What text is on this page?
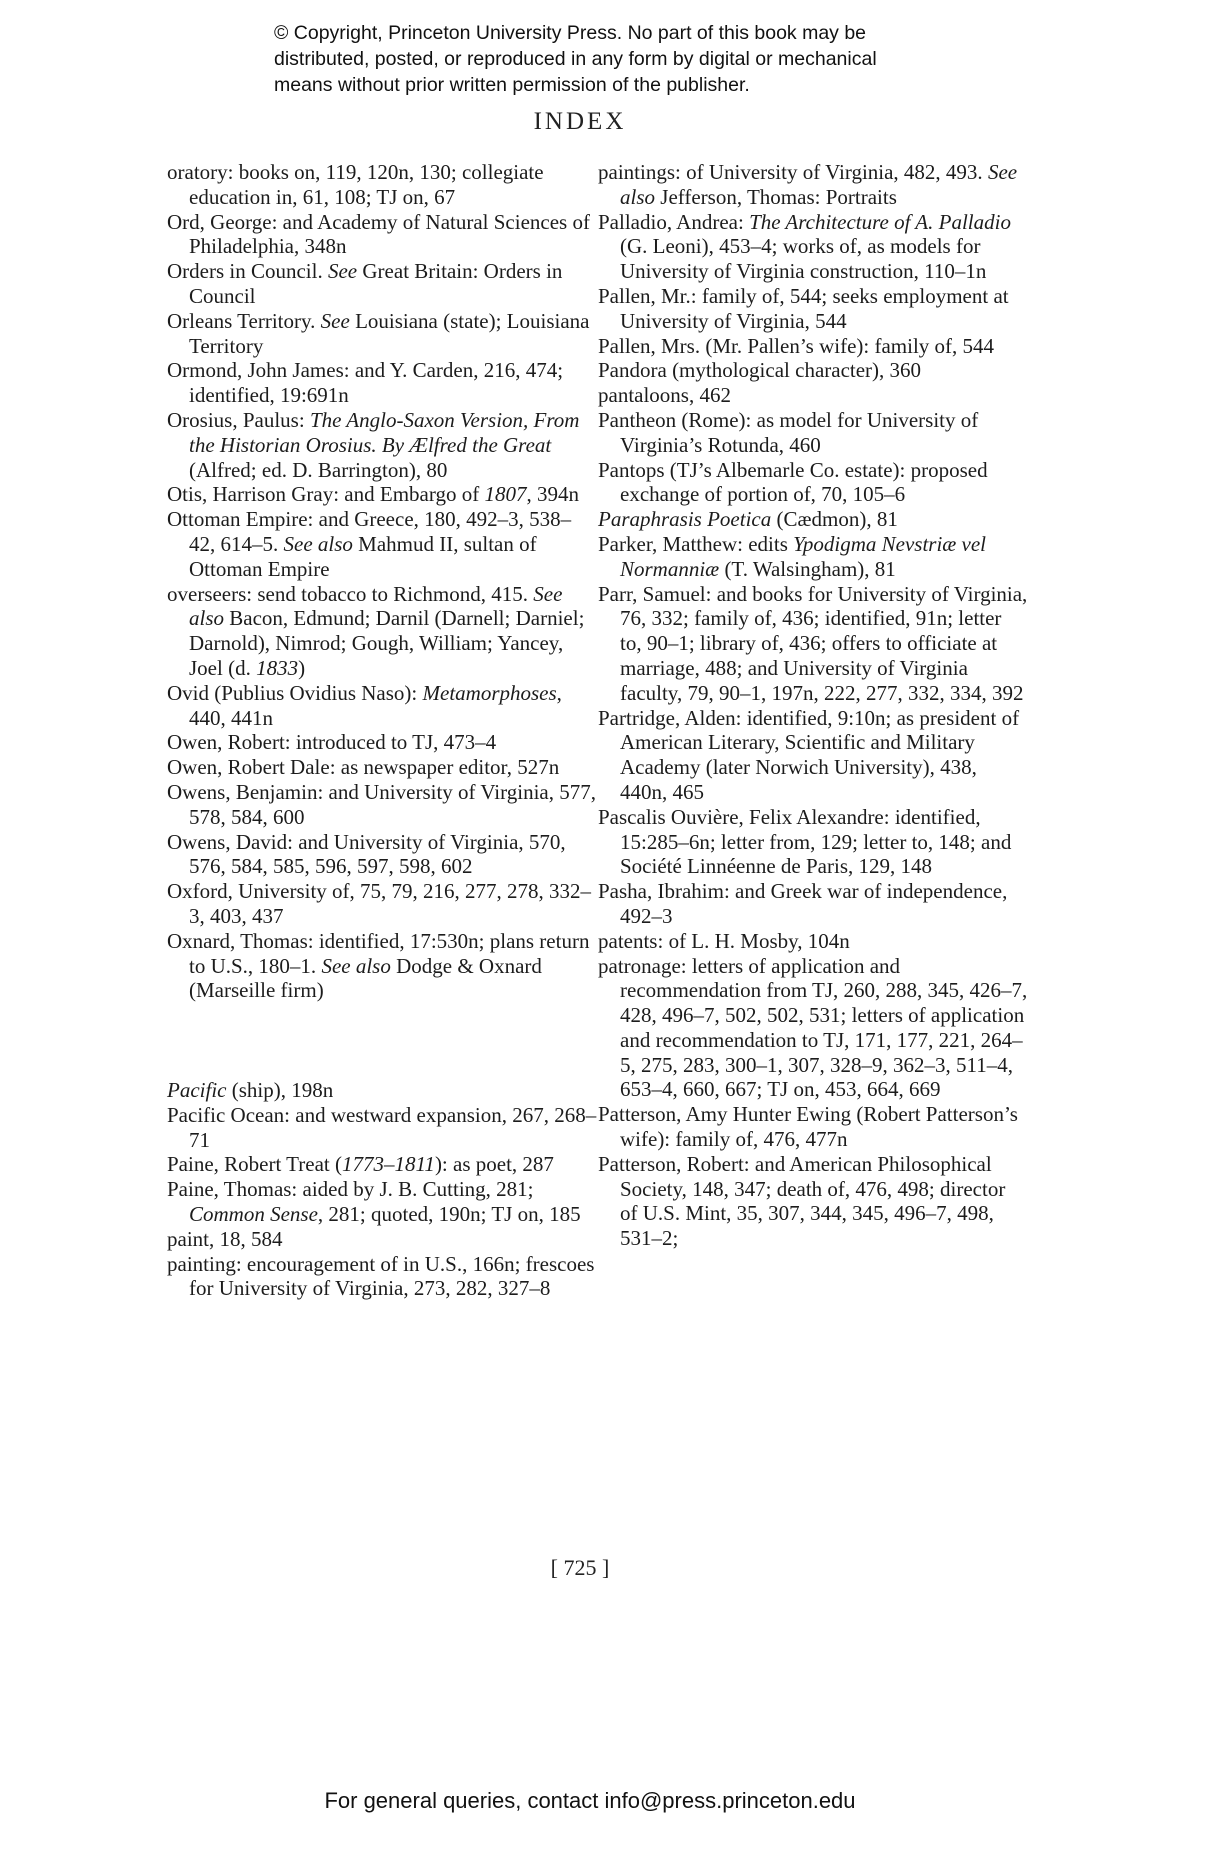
© Copyright, Princeton University Press. No part of this book may be
distributed, posted, or reproduced in any form by digital or mechanical
means without prior written permission of the publisher.
INDEX
oratory: books on, 119, 120n, 130; collegiate education in, 61, 108; TJ on, 67
Ord, George: and Academy of Natural Sciences of Philadelphia, 348n
Orders in Council. See Great Britain: Orders in Council
Orleans Territory. See Louisiana (state); Louisiana Territory
Ormond, John James: and Y. Carden, 216, 474; identified, 19:691n
Orosius, Paulus: The Anglo-Saxon Version, From the Historian Orosius. By Ælfred the Great (Alfred; ed. D. Barrington), 80
Otis, Harrison Gray: and Embargo of 1807, 394n
Ottoman Empire: and Greece, 180, 492–3, 538–42, 614–5. See also Mahmud II, sultan of Ottoman Empire
overseers: send tobacco to Richmond, 415. See also Bacon, Edmund; Darnil (Darnell; Darniel; Darnold), Nimrod; Gough, William; Yancey, Joel (d. 1833)
Ovid (Publius Ovidius Naso): Metamorphoses, 440, 441n
Owen, Robert: introduced to TJ, 473–4
Owen, Robert Dale: as newspaper editor, 527n
Owens, Benjamin: and University of Virginia, 577, 578, 584, 600
Owens, David: and University of Virginia, 570, 576, 584, 585, 596, 597, 598, 602
Oxford, University of, 75, 79, 216, 277, 278, 332–3, 403, 437
Oxnard, Thomas: identified, 17:530n; plans return to U.S., 180–1. See also Dodge & Oxnard (Marseille firm)
Pacific (ship), 198n
Pacific Ocean: and westward expansion, 267, 268–71
Paine, Robert Treat (1773–1811): as poet, 287
Paine, Thomas: aided by J. B. Cutting, 281; Common Sense, 281; quoted, 190n; TJ on, 185
paint, 18, 584
painting: encouragement of in U.S., 166n; frescoes for University of Virginia, 273, 282, 327–8
paintings: of University of Virginia, 482, 493. See also Jefferson, Thomas: Portraits
Palladio, Andrea: The Architecture of A. Palladio (G. Leoni), 453–4; works of, as models for University of Virginia construction, 110–1n
Pallen, Mr.: family of, 544; seeks employment at University of Virginia, 544
Pallen, Mrs. (Mr. Pallen’s wife): family of, 544
Pandora (mythological character), 360
pantaloons, 462
Pantheon (Rome): as model for University of Virginia’s Rotunda, 460
Pantops (TJ’s Albemarle Co. estate): proposed exchange of portion of, 70, 105–6
Paraphrasis Poetica (Cædmon), 81
Parker, Matthew: edits Ypodigma Nevstriæ vel Normanniæ (T. Walsingham), 81
Parr, Samuel: and books for University of Virginia, 76, 332; family of, 436; identified, 91n; letter to, 90–1; library of, 436; offers to officiate at marriage, 488; and University of Virginia faculty, 79, 90–1, 197n, 222, 277, 332, 334, 392
Partridge, Alden: identified, 9:10n; as president of American Literary, Scientific and Military Academy (later Norwich University), 438, 440n, 465
Pascalis Ouvière, Felix Alexandre: identified, 15:285–6n; letter from, 129; letter to, 148; and Société Linnéenne de Paris, 129, 148
Pasha, Ibrahim: and Greek war of independence, 492–3
patents: of L. H. Mosby, 104n
patronage: letters of application and recommendation from TJ, 260, 288, 345, 426–7, 428, 496–7, 502, 502, 531; letters of application and recommendation to TJ, 171, 177, 221, 264–5, 275, 283, 300–1, 307, 328–9, 362–3, 511–4, 653–4, 660, 667; TJ on, 453, 664, 669
Patterson, Amy Hunter Ewing (Robert Patterson’s wife): family of, 476, 477n
Patterson, Robert: and American Philosophical Society, 148, 347; death of, 476, 498; director of U.S. Mint, 35, 307, 344, 345, 496–7, 498, 531–2;
[ 725 ]
For general queries, contact info@press.princeton.edu
